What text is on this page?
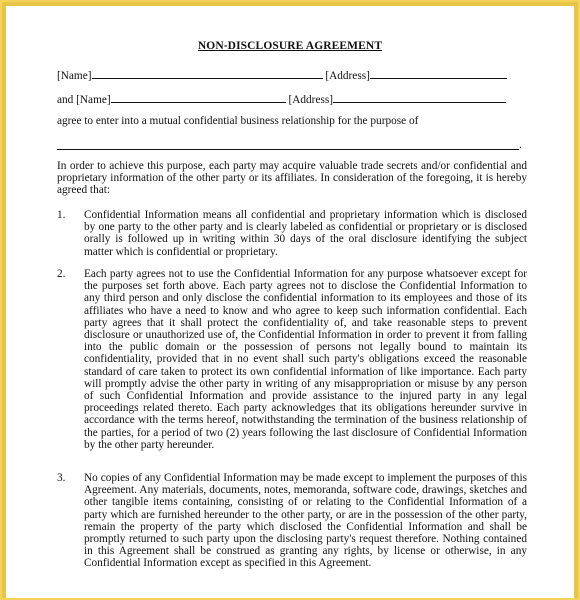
NON-DISCLOSURE AGREEMENT
[Name]	[Address]
and [Name]	[Address]
agree to enter into a mutual confidential business relationship for the purpose of
.
In order to achieve this purpose, each party may acquire valuable trade secrets and/or confidential and proprietary information of the other party or its affiliates. In consideration of the foregoing, it is hereby agreed that:
1. Confidential Information means all confidential and proprietary information which is disclosed by one party to the other party and is clearly labeled as confidential or proprietary or is disclosed orally is followed up in writing within 30 days of the oral disclosure identifying the subject matter which is confidential or proprietary.
2. Each party agrees not to use the Confidential Information for any purpose whatsoever except for the purposes set forth above. Each party agrees not to disclose the Confidential Information to any third person and only disclose the confidential information to its employees and those of its affiliates who have a need to know and who agree to keep such information confidential. Each party agrees that it shall protect the confidentiality of, and take reasonable steps to prevent disclosure or unauthorized use of, the Confidential Information in order to prevent it from falling into the public domain or the possession of persons not legally bound to maintain its confidentiality, provided that in no event shall such party's obligations exceed the reasonable standard of care taken to protect its own confidential information of like importance. Each party will promptly advise the other party in writing of any misappropriation or misuse by any person of such Confidential Information and provide assistance to the injured party in any legal proceedings related thereto. Each party acknowledges that its obligations hereunder survive in accordance with the terms hereof, notwithstanding the termination of the business relationship of the parties, for a period of two (2) years following the last disclosure of Confidential Information by the other party hereunder.
3. No copies of any Confidential Information may be made except to implement the purposes of this Agreement. Any materials, documents, notes, memoranda, software code, drawings, sketches and other tangible items containing, consisting of or relating to the Confidential Information of a party which are furnished hereunder to the other party, or are in the possession of the other party, remain the property of the party which disclosed the Confidential Information and shall be promptly returned to such party upon the disclosing party's request therefore. Nothing contained in this Agreement shall be construed as granting any rights, by license or otherwise, in any Confidential Information except as specified in this Agreement.
